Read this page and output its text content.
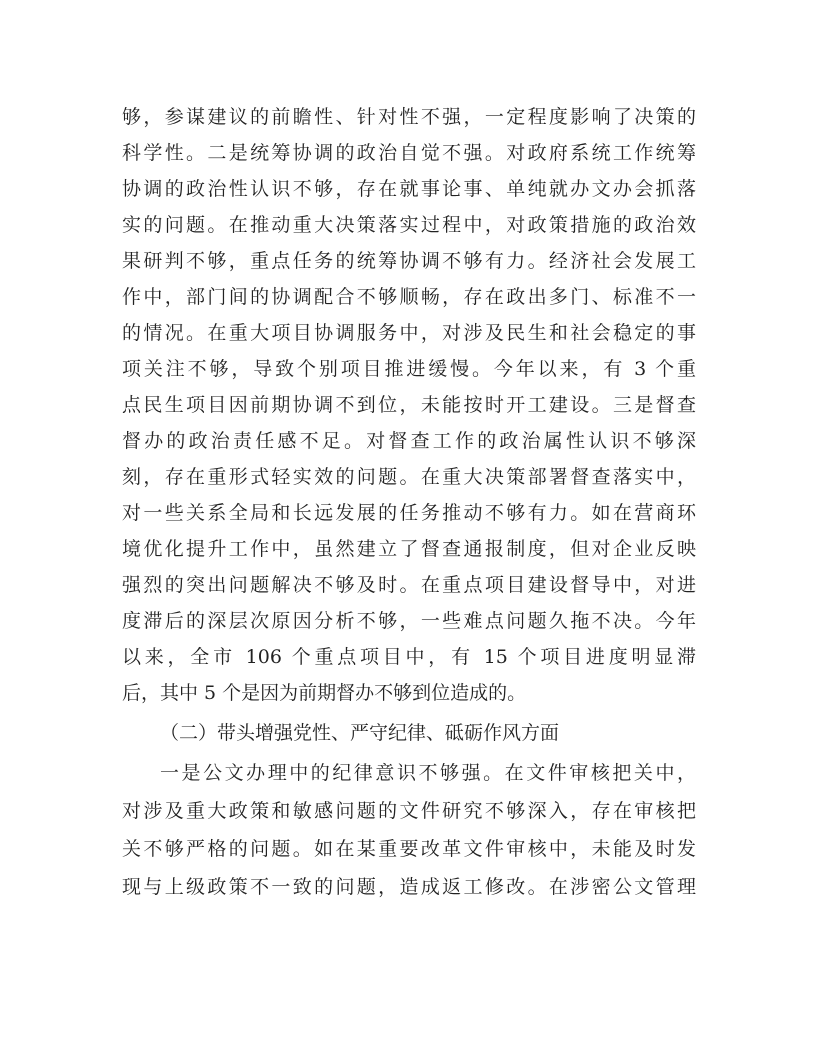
够，参谋建议的前瞻性、针对性不强，一定程度影响了决策的
科学性。二是统筹协调的政治自觉不强。对政府系统工作统筹
协调的政治性认识不够，存在就事论事、单纯就办文办会抓落
实的问题。在推动重大决策落实过程中，对政策措施的政治效
果研判不够，重点任务的统筹协调不够有力。经济社会发展工
作中，部门间的协调配合不够顺畅，存在政出多门、标准不一
的情况。在重大项目协调服务中，对涉及民生和社会稳定的事
项关注不够，导致个别项目推进缓慢。今年以来，有 3 个重
点民生项目因前期协调不到位，未能按时开工建设。三是督查
督办的政治责任感不足。对督查工作的政治属性认识不够深
刻，存在重形式轻实效的问题。在重大决策部署督查落实中，
对一些关系全局和长远发展的任务推动不够有力。如在营商环
境优化提升工作中，虽然建立了督查通报制度，但对企业反映
强烈的突出问题解决不够及时。在重点项目建设督导中，对进
度滞后的深层次原因分析不够，一些难点问题久拖不决。今年
以来，全市 106 个重点项目中，有 15 个项目进度明显滞
后，其中 5 个是因为前期督办不够到位造成的。
（二）带头增强党性、严守纪律、砥砺作风方面
一是公文办理中的纪律意识不够强。在文件审核把关中，
对涉及重大政策和敏感问题的文件研究不够深入，存在审核把
关不够严格的问题。如在某重要改革文件审核中，未能及时发
现与上级政策不一致的问题，造成返工修改。在涉密公文管理
